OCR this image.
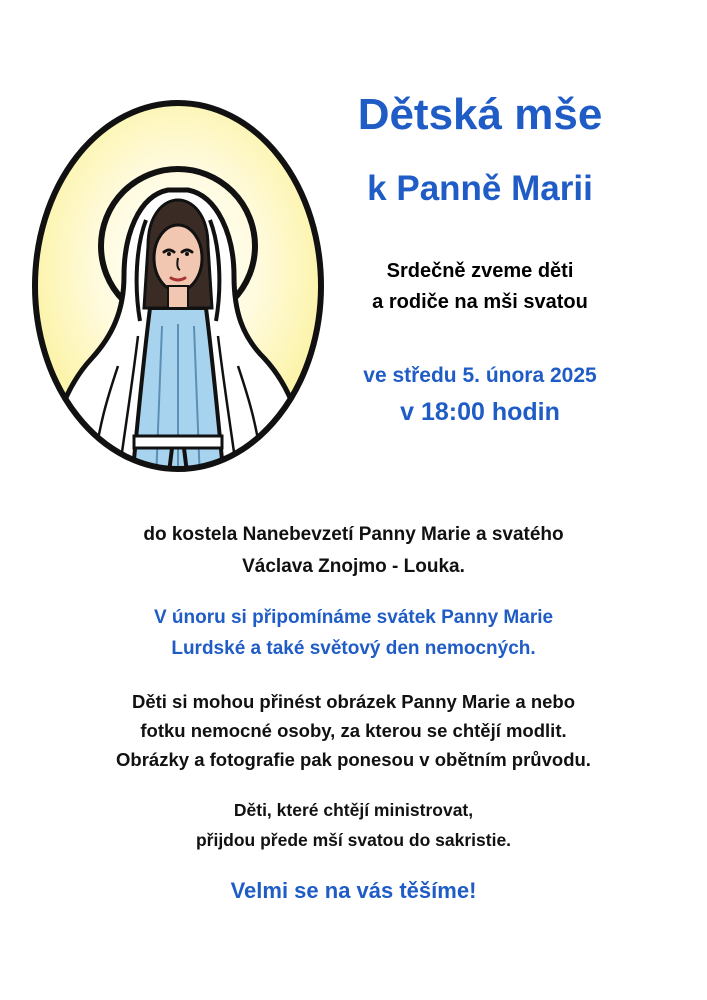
Dětská mše
k Panně Marii

Srdečně zveme děti
a rodiče na mši svatou

ve středu 5. února 2025

v 18:00 hodin

do kostela Nanebevzetí Panny Marie a svatého
Václava Znojmo - Louka.

V únoru si připomínáme svátek Panny Marie
Lurdské a také světový den nemocných.

Děti si mohou přinést obrázek Panny Marie a nebo
fotku nemocné osoby, za kterou se chtějí modlit.
Obrázky a fotografie pak ponesou v obětním průvodu.

Děti, které chtějí ministrovat,
přijdou přede mší svatou do sakristie.

Velmi se na vás těšíme!
